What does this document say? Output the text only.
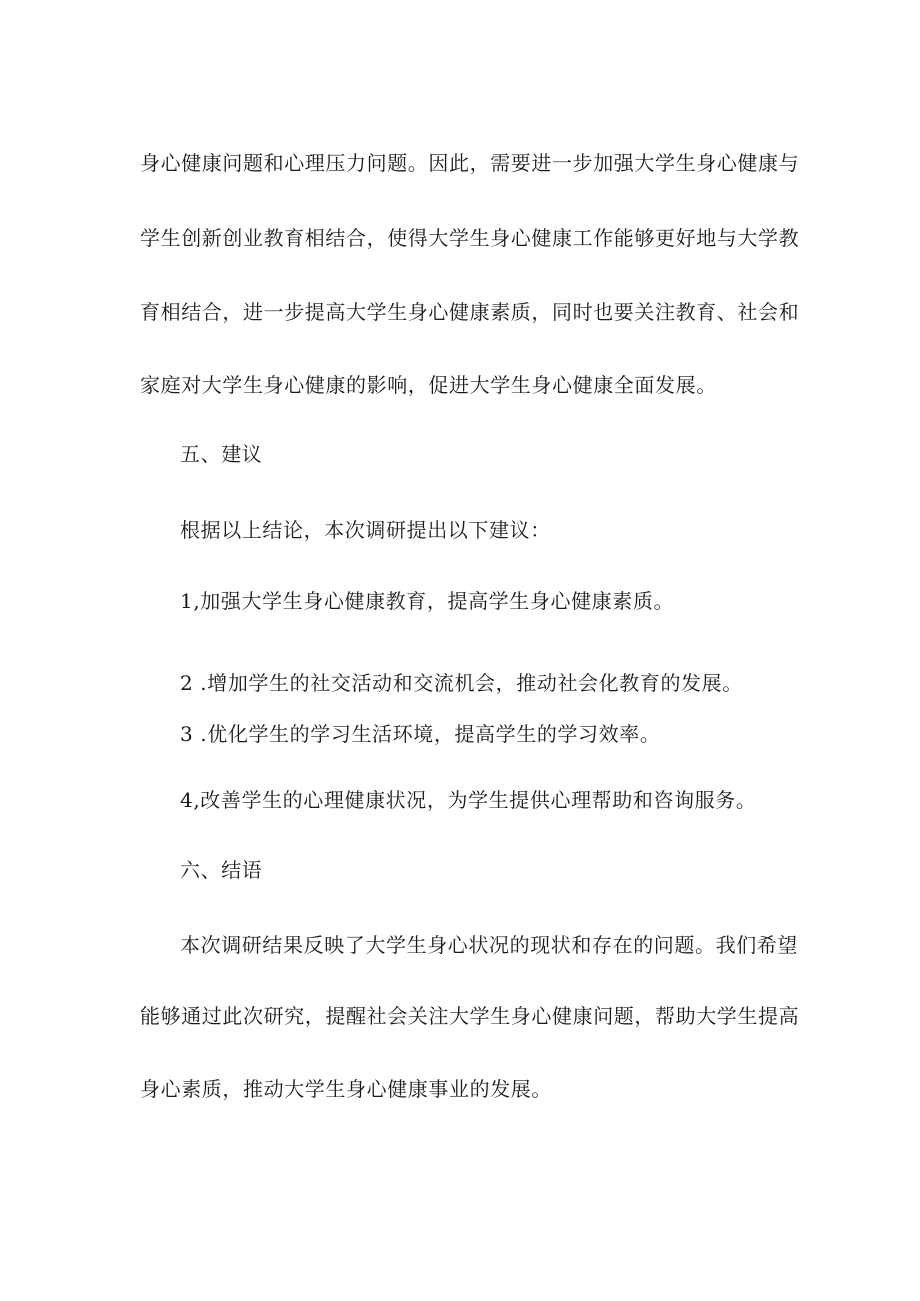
身心健康问题和心理压力问题。因此，需要进一步加强大学生身心健康与
学生创新创业教育相结合，使得大学生身心健康工作能够更好地与大学教
育相结合，进一步提高大学生身心健康素质，同时也要关注教育、社会和
家庭对大学生身心健康的影响，促进大学生身心健康全面发展。
五、建议
根据以上结论，本次调研提出以下建议：
1,加强大学生身心健康教育，提高学生身心健康素质。
2 .增加学生的社交活动和交流机会，推动社会化教育的发展。
3 .优化学生的学习生活环境，提高学生的学习效率。
4,改善学生的心理健康状况，为学生提供心理帮助和咨询服务。
六、结语
本次调研结果反映了大学生身心状况的现状和存在的问题。我们希望
能够通过此次研究，提醒社会关注大学生身心健康问题，帮助大学生提高
身心素质，推动大学生身心健康事业的发展。
